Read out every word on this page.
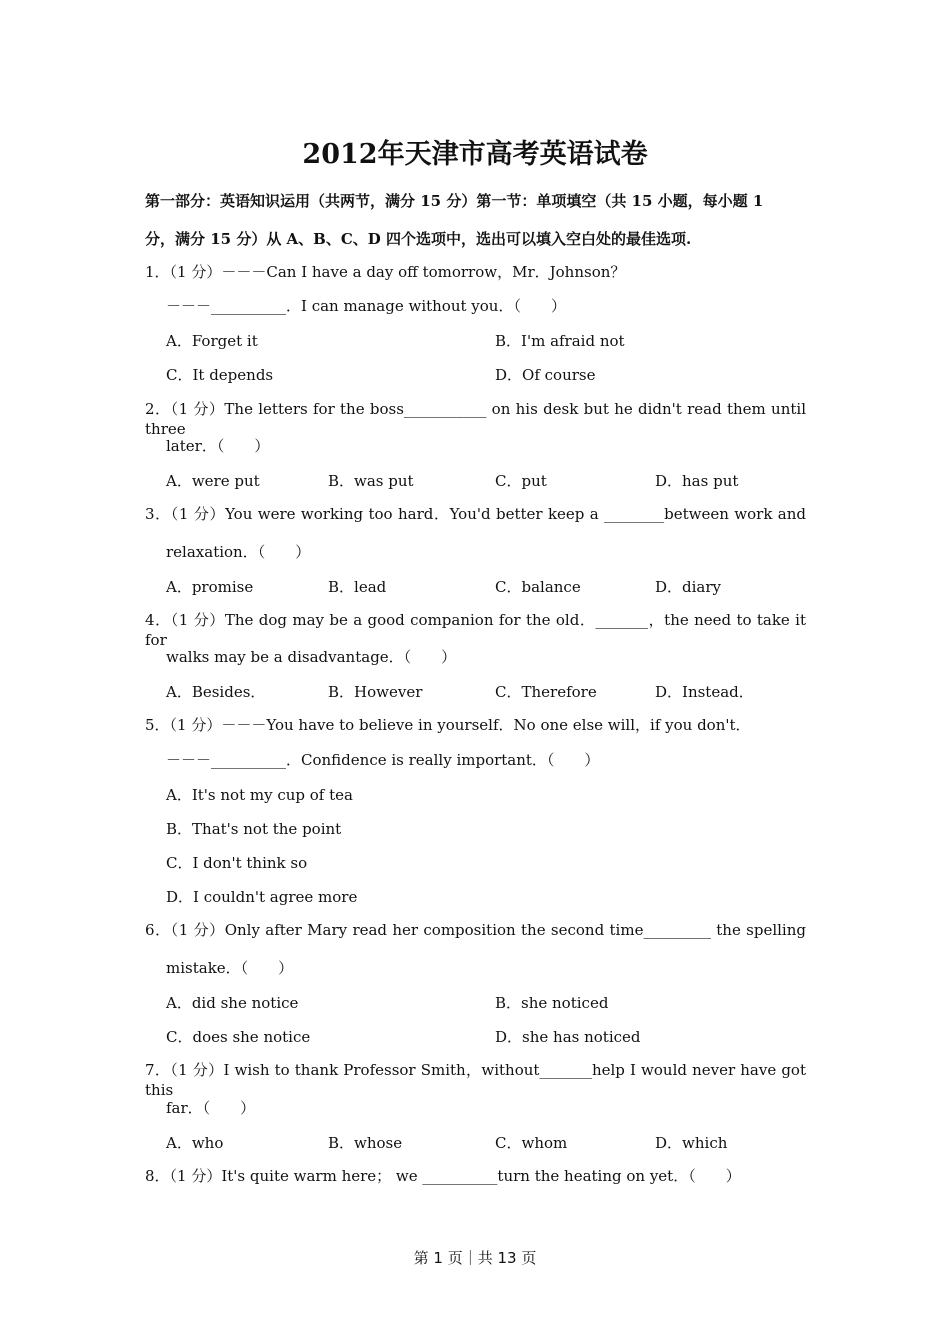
2012年天津市高考英语试卷
第一部分：英语知识运用（共两节，满分 15 分）第一节：单项填空（共 15 小题，每小题 1
分，满分 15 分）从 A、B、C、D 四个选项中，选出可以填入空白处的最佳选项.
1．（1 分）－－－Can I have a day off tomorrow，Mr．Johnson？
－－－__________．I can manage without you．（　　）
A．Forget it	B．I'm afraid not
C．It depends	D．Of course
2．（1 分）The letters for the boss___________ on his desk but he didn't read them until three
later．（　　）
A．were put	B．was put	C．put	D．has put
3．（1 分）You were working too hard．You'd better keep a ________between work and
relaxation．（　　）
A．promise	B．lead	C．balance	D．diary
4．（1 分）The dog may be a good companion for the old．_______，the need to take it for
walks may be a disadvantage．（　　）
A．Besides．	B．However	C．Therefore	D．Instead．
5．（1 分）－－－You have to believe in yourself．No one else will，if you don't．
－－－__________．Confidence is really important．（　　）
A．It's not my cup of tea
B．That's not the point
C．I don't think so
D．I couldn't agree more
6．（1 分）Only after Mary read her composition the second time_________ the spelling
mistake．（　　）
A．did she notice	B．she noticed
C．does she notice	D．she has noticed
7．（1 分）I wish to thank Professor Smith，without_______help I would never have got this
far．（　　）
A．who	B．whose	C．whom	D．which
8．（1 分）It's quite warm here； we __________turn the heating on yet．（　　）
第 1 页｜共 13 页
